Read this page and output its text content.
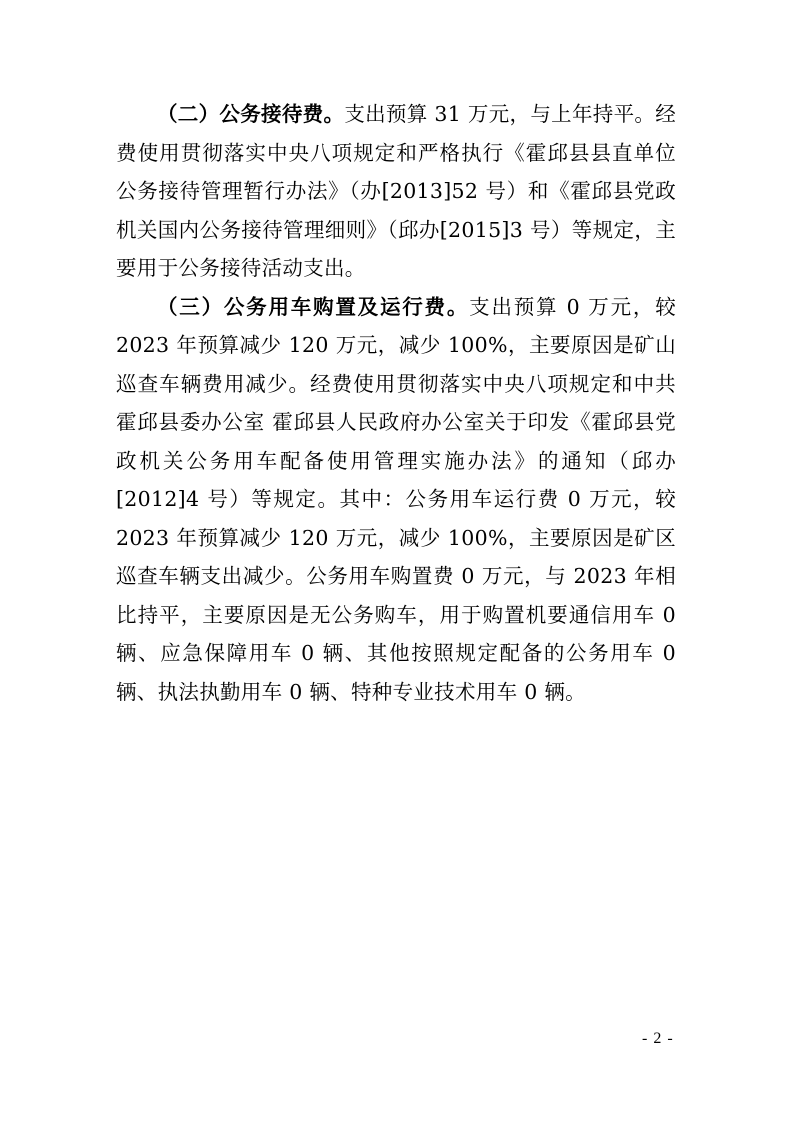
（二）公务接待费。支出预算 31 万元，与上年持平。经费使用贯彻落实中央八项规定和严格执行《霍邱县县直单位公务接待管理暂行办法》（办[2013]52 号）和《霍邱县党政机关国内公务接待管理细则》（邱办[2015]3 号）等规定，主要用于公务接待活动支出。

（三）公务用车购置及运行费。支出预算 0 万元，较 2023 年预算减少 120 万元，减少 100%，主要原因是矿山巡查车辆费用减少。经费使用贯彻落实中央八项规定和中共霍邱县委办公室 霍邱县人民政府办公室关于印发《霍邱县党政机关公务用车配备使用管理实施办法》的通知（邱办[2012]4 号）等规定。其中：公务用车运行费 0 万元，较 2023 年预算减少 120 万元，减少 100%，主要原因是矿区巡查车辆支出减少。公务用车购置费 0 万元，与 2023 年相比持平，主要原因是无公务购车，用于购置机要通信用车 0 辆、应急保障用车 0 辆、其他按照规定配备的公务用车 0 辆、执法执勤用车 0 辆、特种专业技术用车 0 辆。

- 2 -
